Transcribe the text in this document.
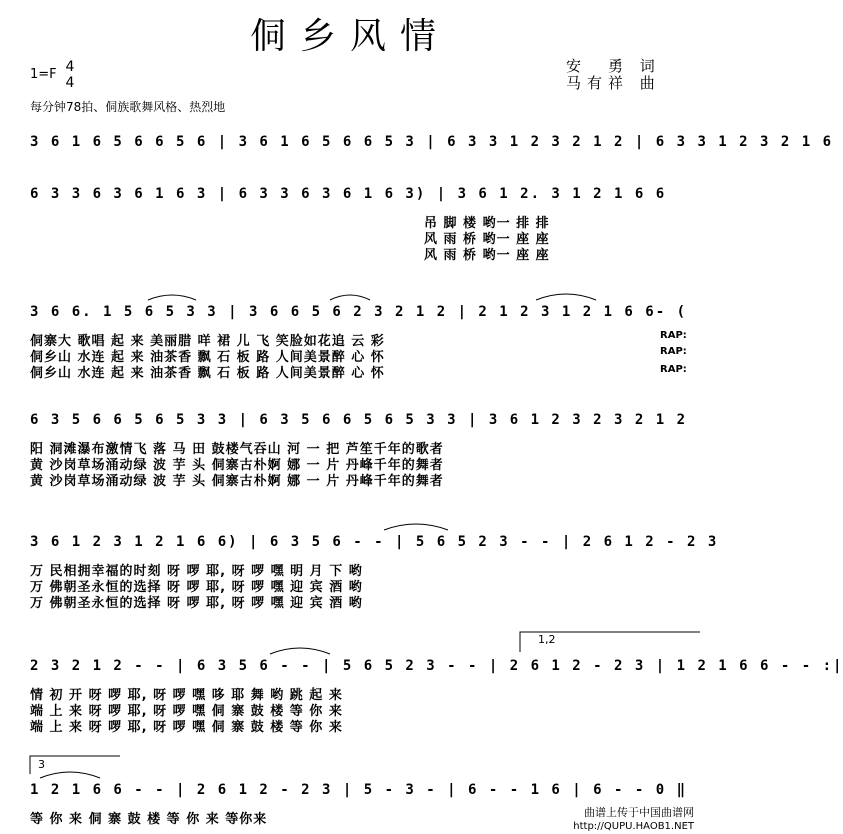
侗乡风情
安　勇 词
马有祥 曲
1=F 4
4
每分钟78拍、侗族歌舞风格、热烈地
3 6 1 6 5 6 6 5 6 | 3 6 1 6 5 6 6 5 3 | 6 3 3 1 2 3 2 1 2 | 6 3 3 1 2 3 2 1 6
6 3 3 6 3 6 1 6 3 | 6 3 3 6 3 6 1 6 3) | 3 6 1 2. 3 1 2 1 6 6
吊 脚 楼 哟一 排 排
风 雨 桥 哟一 座 座
风 雨 桥 哟一 座 座
3 6 6. 1 5 6 5 3 3 | 3 6 6 5 6 2 3 2 1 2 | 2 1 2 3 1 2 1 6 6- (
侗寨大 歌唱 起 来 美丽腊 咩 裙 儿 飞 笑脸如花追 云 彩
侗乡山 水连 起 来 油茶香 飘 石 板 路 人间美景醉 心 怀
侗乡山 水连 起 来 油茶香 飘 石 板 路 人间美景醉 心 怀
RAP:
RAP:
RAP:
6 3 5 6 6 5 6 5 3 3 | 6 3 5 6 6 5 6 5 3 3 | 3 6 1 2 3 2 3 2 1 2
阳 洞滩瀑布激情飞 落 马 田 鼓楼气吞山 河 一 把 芦笙千年的歌者
黄 沙岗草场涌动绿 波 芋 头 侗寨古朴婀 娜 一 片 丹峰千年的舞者
黄 沙岗草场涌动绿 波 芋 头 侗寨古朴婀 娜 一 片 丹峰千年的舞者
3 6 1 2 3 1 2 1 6 6) | 6 3 5 6 - - | 5 6 5 2 3 - - | 2 6 1 2 - 2 3
万 民相拥幸福的时刻 呀 啰 耶, 呀 啰 嘿 明 月 下 哟
万 佛朝圣永恒的选择 呀 啰 耶, 呀 啰 嘿 迎 宾 酒 哟
万 佛朝圣永恒的选择 呀 啰 耶, 呀 啰 嘿 迎 宾 酒 哟
1,2
2 3 2 1 2 - - | 6 3 5 6 - - | 5 6 5 2 3 - - | 2 6 1 2 - 2 3 | 1 2 1 6 6 - - :|
情 初 开 呀 啰 耶, 呀 啰 嘿 哆 耶 舞 哟 跳 起 来
端 上 来 呀 啰 耶, 呀 啰 嘿 侗 寨 鼓 楼 等 你 来
端 上 来 呀 啰 耶, 呀 啰 嘿 侗 寨 鼓 楼 等 你 来
3
1 2 1 6 6 - - | 2 6 1 2 - 2 3 | 5 - 3 - | 6 - - 1 6 | 6 - - 0 ‖
等 你 来 侗 寨 鼓 楼 等 你 来 等你来	曲谱上传于中国曲谱网
http://QUPU.HAOB1.NET
